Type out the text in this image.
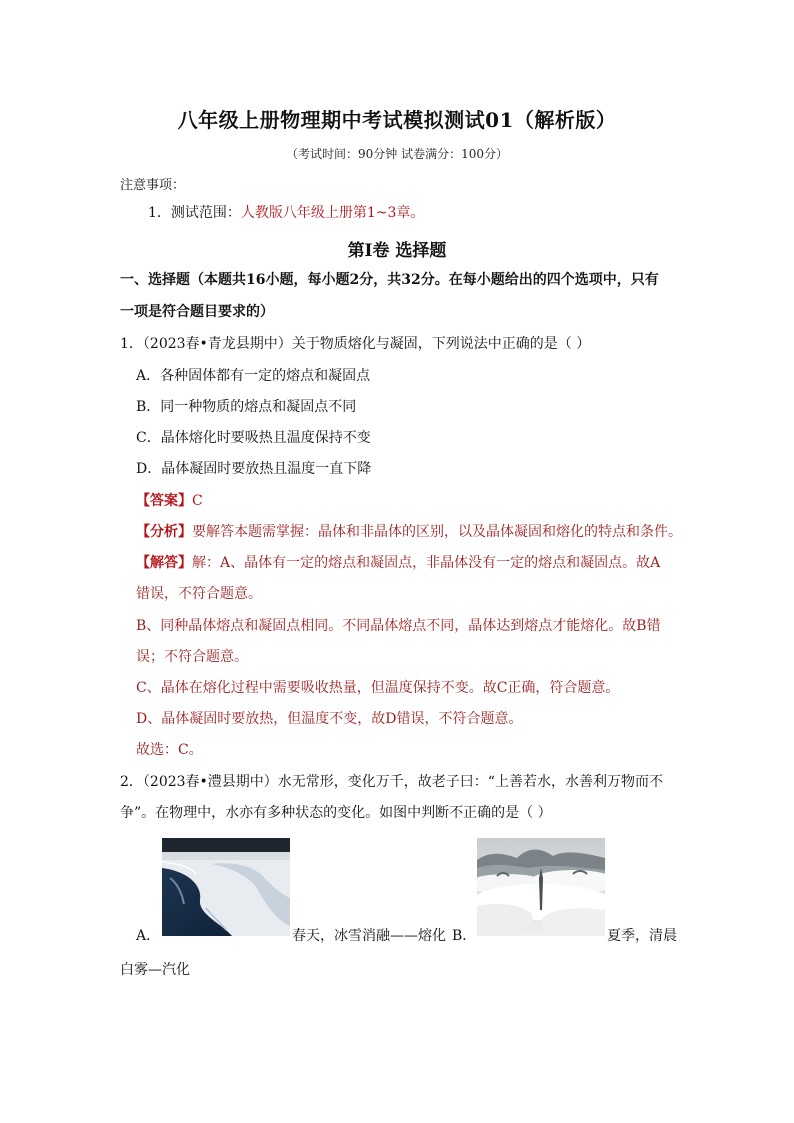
八年级上册物理期中考试模拟测试01（解析版）
（考试时间：90分钟 试卷满分：100分）
注意事项：
1．测试范围：人教版八年级上册第1~3章。
第Ⅰ卷 选择题
一、选择题（本题共16小题，每小题2分，共32分。在每小题给出的四个选项中，只有
一项是符合题目要求的）
1．（2023春•青龙县期中）关于物质熔化与凝固，下列说法中正确的是（ ）
A．各种固体都有一定的熔点和凝固点
B．同一种物质的熔点和凝固点不同
C．晶体熔化时要吸热且温度保持不变
D．晶体凝固时要放热且温度一直下降
【答案】C
【分析】要解答本题需掌握：晶体和非晶体的区别，以及晶体凝固和熔化的特点和条件。
【解答】解：A、晶体有一定的熔点和凝固点，非晶体没有一定的熔点和凝固点。故A
错误，不符合题意。
B、同种晶体熔点和凝固点相同。不同晶体熔点不同，晶体达到熔点才能熔化。故B错
误；不符合题意。
C、晶体在熔化过程中需要吸收热量，但温度保持不变。故C正确，符合题意。
D、晶体凝固时要放热，但温度不变，故D错误，不符合题意。
故选：C。
2．（2023春•澧县期中）水无常形，变化万千，故老子曰：“上善若水，水善利万物而不
争”。在物理中，水亦有多种状态的变化。如图中判断不正确的是（ ）
A．	春天，冰雪消融——熔化 B．	夏季，清晨
白雾—汽化
